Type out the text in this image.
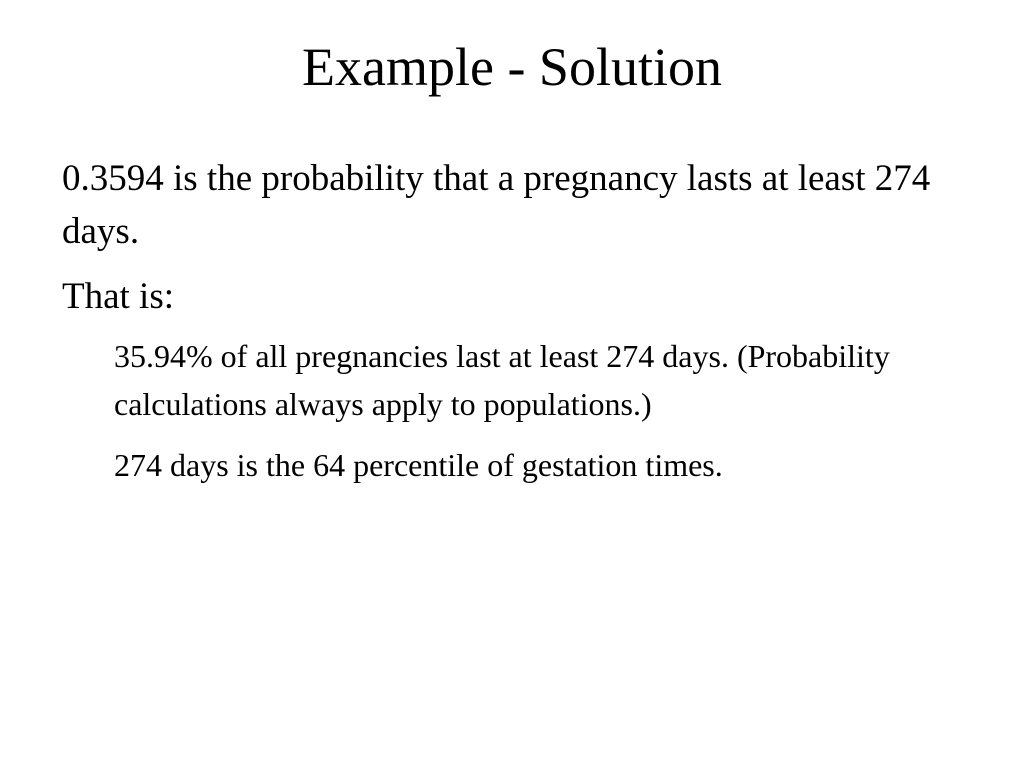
Example - Solution

0.3594 is the probability that a pregnancy lasts at least 274 days.

That is:

35.94% of all pregnancies last at least 274 days. (Probability calculations always apply to populations.)

274 days is the 64 percentile of gestation times.
